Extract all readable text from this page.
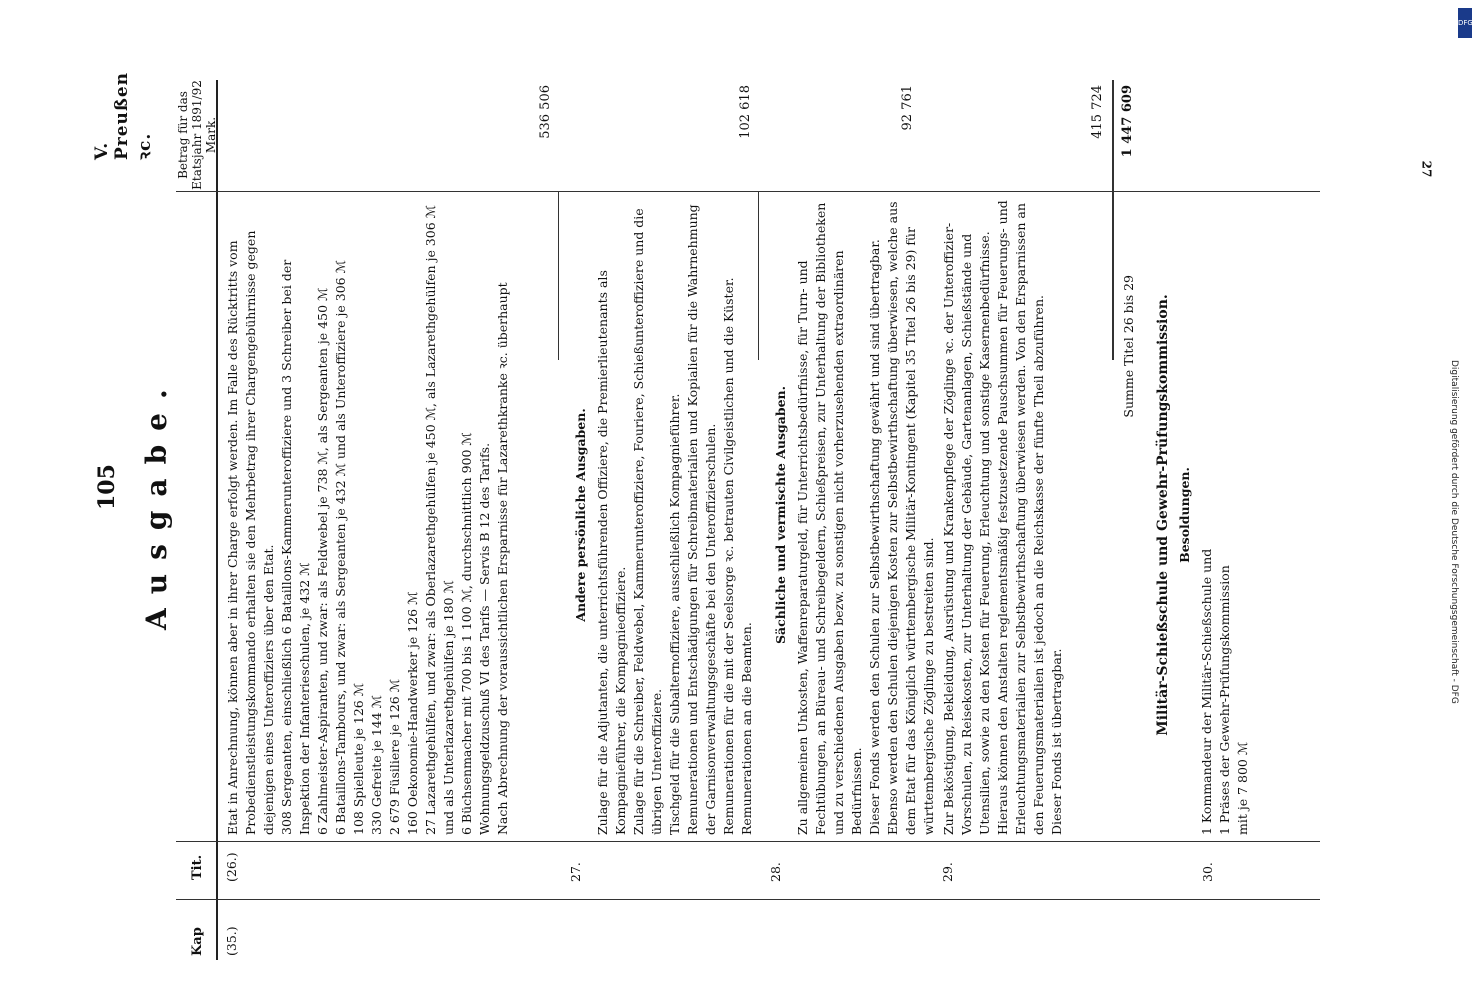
105
V. Preußen ꝛc.
Ausgabe.
Kap
Tit.
Betrag für das Etatsjahr 1891/92 Mark.
(35.)
(26.)

Etat in Anrechnung, können aber in ihrer Charge erfolgt werden. Im Falle des Rücktritts vom Probedienstleistungskommando erhalten sie den Mehrbetrag ihrer Chargengebührnisse gegen diejenigen eines Unteroffiziers über den Etat. 308 Sergeanten, einschließlich 6 Bataillons-Kammerunteroffiziere und 3 Schreiber bei der Inspektion der Infanterieschulen, je 432 ℳ 6 Zahlmeister-Aspiranten, und zwar: als Feldwebel je 738 ℳ, als Sergeanten je 450 ℳ 6 Bataillons-Tambours, und zwar: als Sergeanten je 432 ℳ und als Unteroffiziere je 306 ℳ 108 Spielleute je 126 ℳ 330 Gefreite je 144 ℳ 2 679 Füsiliere je 126 ℳ 160 Oekonomie-Handwerker je 126 ℳ 27 Lazarethgehülfen, und zwar: als Oberlazarethgehülfen je 450 ℳ, als Lazarethgehülfen je 306 ℳ und als Unterlazarethgehülfen je 180 ℳ 6 Büchsenmacher mit 700 bis 1 100 ℳ, durchschnittlich 900 ℳ Wohnungsgeldzuschuß VI des Tarifs — Servis B 12 des Tarifs. Nach Abrechnung der voraussichtlichen Ersparnisse für Lazarethkranke ꝛc. überhaupt

536 506
27.
Andere persönliche Ausgaben. Zulage für die Adjutanten, die unterrichtsführenden Offiziere, die Premierlieutenants als Kompagnieführer, die Kompagnieoffiziere. Zulage für die Schreiber, Feldwebel, Kammerunteroffiziere, Fouriere, Schießunteroffiziere und die übrigen Unteroffiziere. Tischgeld für die Subalternoffiziere, ausschließlich Kompagnieführer. Remunerationen und Entschädigungen für Schreibmaterialien und Kopialien für die Wahrnehmung der Garnisonverwaltungsgeschäfte bei den Unteroffizierschulen. Remunerationen für die mit der Seelsorge ꝛc. betrauten Civilgeistlichen und die Küster. Remunerationen an die Beamten.

102 618
28.
Sächliche und vermischte Ausgaben. Zu allgemeinen Unkosten, Waffenreparaturgeld, für Unterrichtsbedürfnisse, für Turn- und Fechtübungen, an Büreau- und Schreibegeldern, Schießpreisen, zur Unterhaltung der Bibliotheken und zu verschiedenen Ausgaben bezw. zu sonstigen nicht vorherzusehenden extraordinären Bedürfnissen. Dieser Fonds werden den Schulen zur Selbstbewirthschaftung gewährt und sind übertragbar. Ebenso werden den Schulen diejenigen Kosten zur Selbstbewirthschaftung überwiesen, welche aus dem Etat für das Königlich württembergische Militär-Kontingent (Kapitel 35 Titel 26 bis 29) für württembergische Zöglinge zu bestreiten sind.

92 761
29.

Zur Beköstigung, Bekleidung, Ausrüstung und Krankenpflege der Zöglinge ꝛc. der Unteroffizier-Vorschulen, zu Reisekosten, zur Unterhaltung der Gebäude, Gartenanlagen, Schießstände und Utensilien, sowie zu den Kosten für Feuerung, Erleuchtung und sonstige Kasernenbedürfnisse. Hieraus können den Anstalten reglementsmäßig festzusetzende Pauschsummen für Feuerungs- und Erleuchtungsmaterialien zur Selbstbewirthschaftung überwiesen werden. Von den Ersparnissen an den Feuerungsmaterialien ist jedoch an die Reichskasse der fünfte Theil abzuführen. Dieser Fonds ist übertragbar.

415 724
Summe Titel 26 bis 29
1 447 609
30.
Militär-Schießschule und Gewehr-Prüfungskommission. Besoldungen.

1 Kommandeur der Militär-Schießschule und 1 Präses der Gewehr-Prüfungskommission mit je 7 800 ℳ

27
Digitalisierung gefördert durch die Deutsche Forschungsgemeinschaft - DFG
DFG
